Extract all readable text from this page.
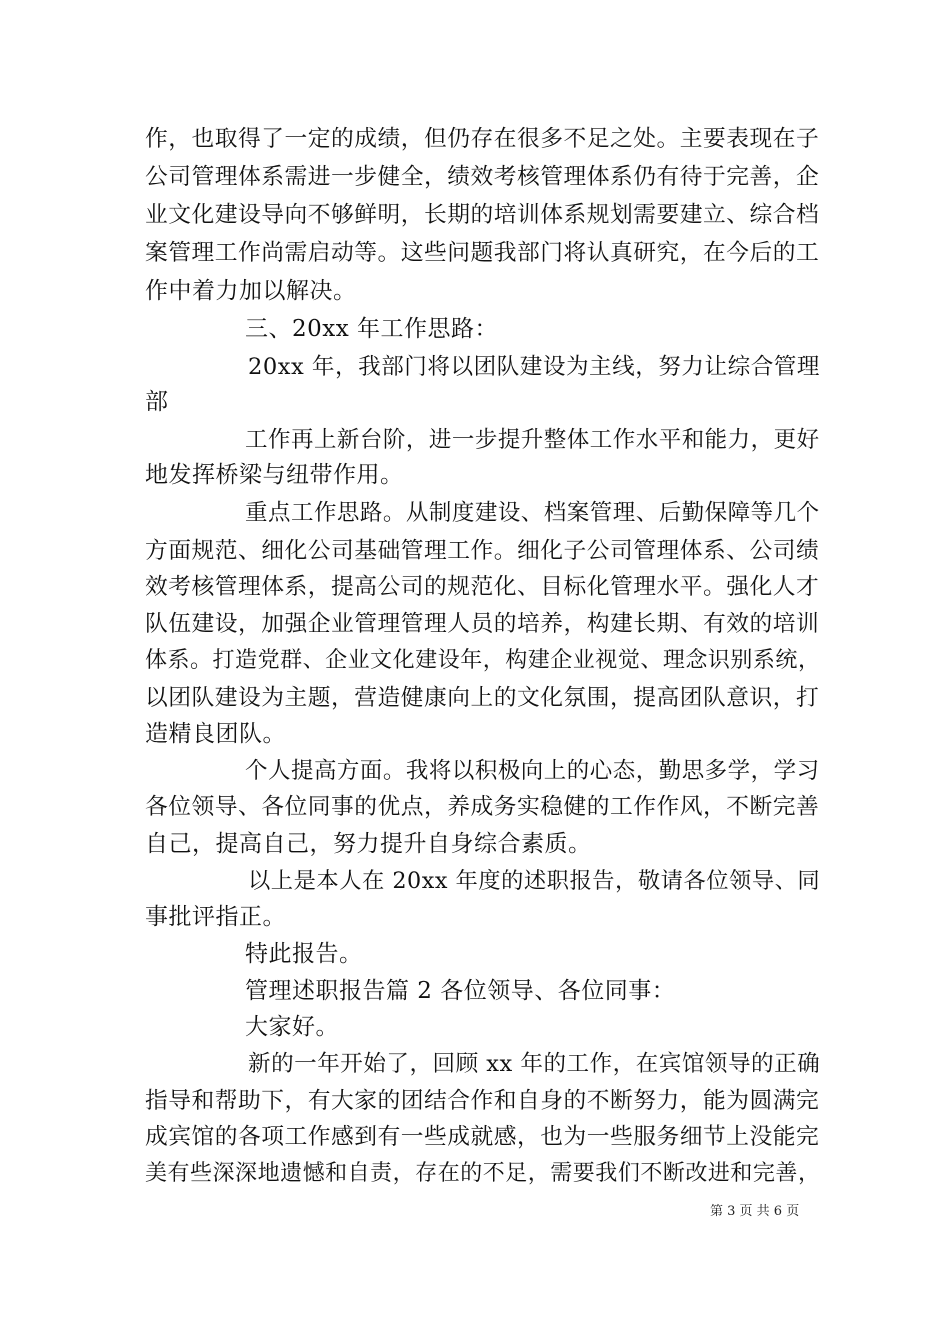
作，也取得了一定的成绩，但仍存在很多不足之处。主要表现在子
公司管理体系需进一步健全，绩效考核管理体系仍有待于完善，企
业文化建设导向不够鲜明，长期的培训体系规划需要建立、综合档
案管理工作尚需启动等。这些问题我部门将认真研究，在今后的工
作中着力加以解决。
三、20xx 年工作思路：
20xx 年，我部门将以团队建设为主线，努力让综合管理
部
工作再上新台阶，进一步提升整体工作水平和能力，更好
地发挥桥梁与纽带作用。
重点工作思路。从制度建设、档案管理、后勤保障等几个
方面规范、细化公司基础管理工作。细化子公司管理体系、公司绩
效考核管理体系，提高公司的规范化、目标化管理水平。强化人才
队伍建设，加强企业管理管理人员的培养，构建长期、有效的培训
体系。打造党群、企业文化建设年，构建企业视觉、理念识别系统，
以团队建设为主题，营造健康向上的文化氛围，提高团队意识，打
造精良团队。
个人提高方面。我将以积极向上的心态，勤思多学，学习
各位领导、各位同事的优点，养成务实稳健的工作作风，不断完善
自己，提高自己，努力提升自身综合素质。
以上是本人在 20xx 年度的述职报告，敬请各位领导、同
事批评指正。
特此报告。
管理述职报告篇 2 各位领导、各位同事：
大家好。
新的一年开始了，回顾 xx 年的工作，在宾馆领导的正确
指导和帮助下，有大家的团结合作和自身的不断努力，能为圆满完
成宾馆的各项工作感到有一些成就感，也为一些服务细节上没能完
美有些深深地遗憾和自责，存在的不足，需要我们不断改进和完善，
第 3 页 共 6 页
